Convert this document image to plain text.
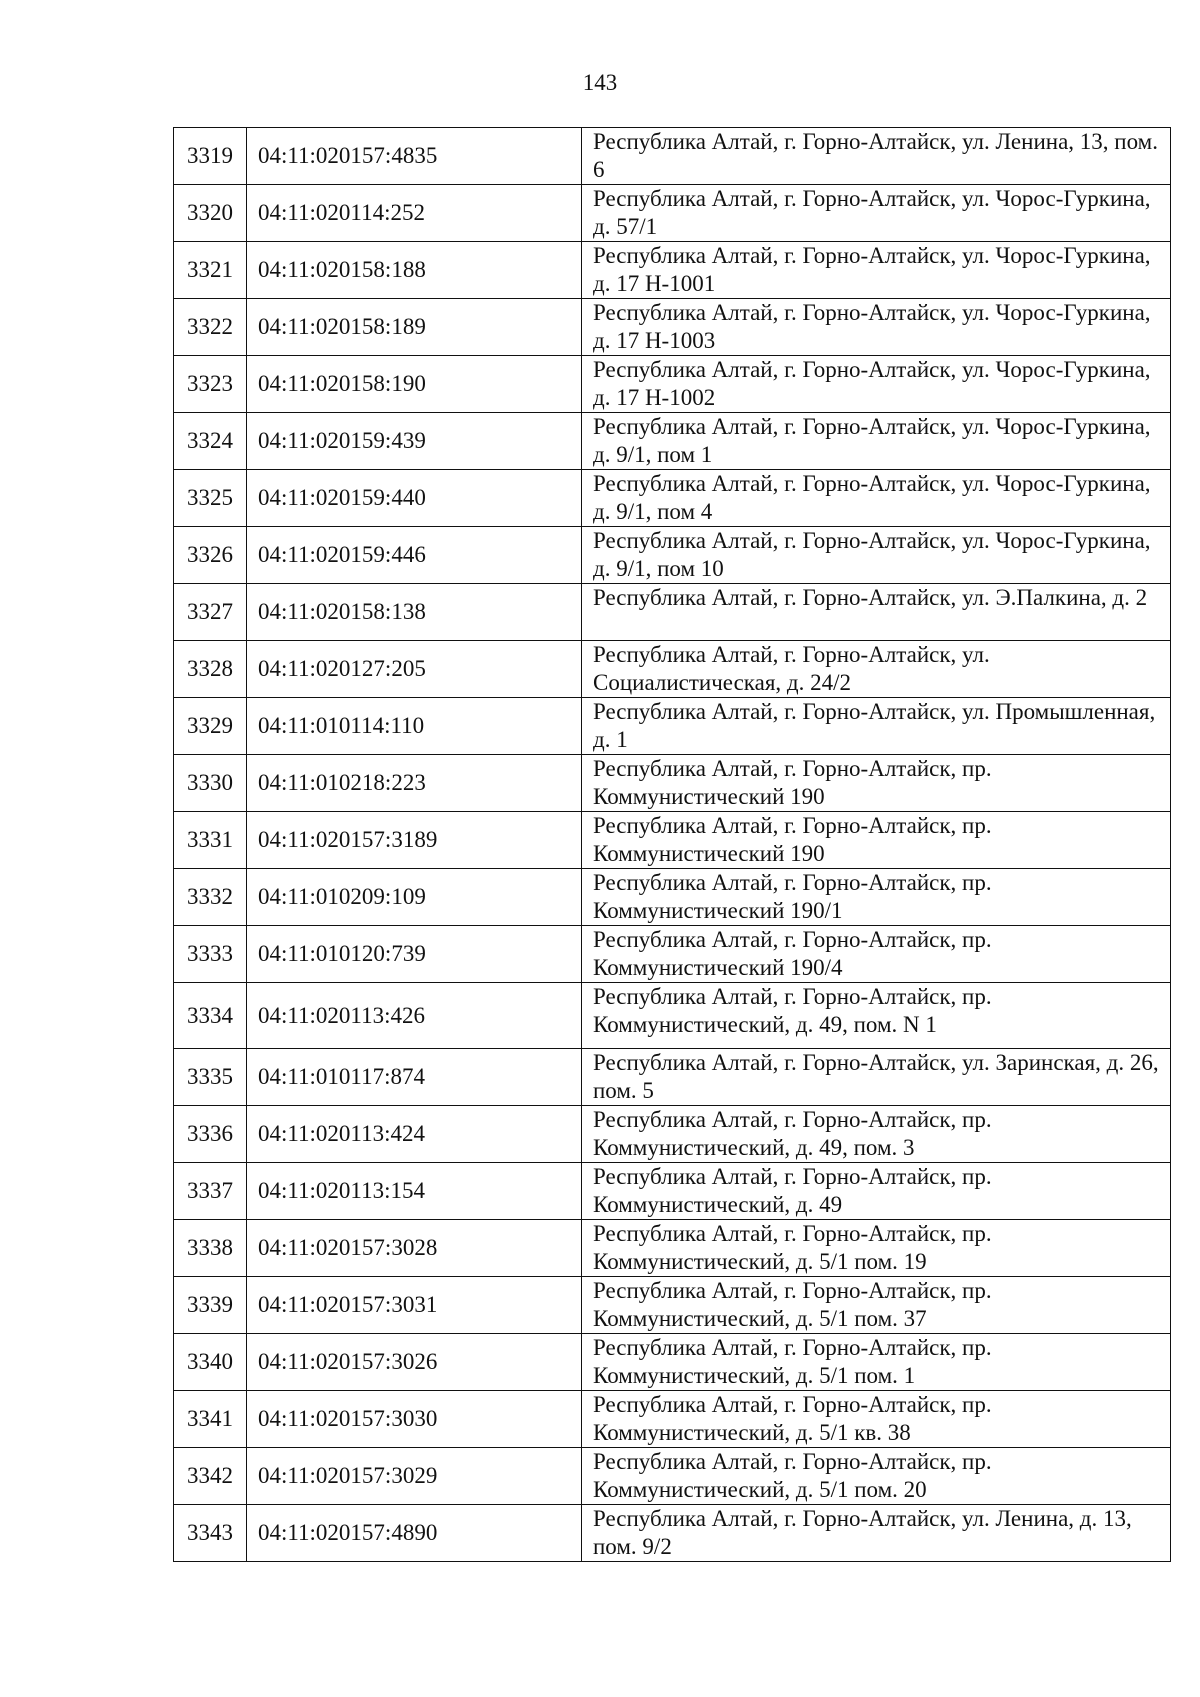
143
3319	04:11:020157:4835	Республика Алтай, г. Горно-Алтайск, ул. Ленина, 13, пом. 6
3320	04:11:020114:252	Республика Алтай, г. Горно-Алтайск, ул. Чорос-Гуркина, д. 57/1
3321	04:11:020158:188	Республика Алтай, г. Горно-Алтайск, ул. Чорос-Гуркина, д. 17 Н-1001
3322	04:11:020158:189	Республика Алтай, г. Горно-Алтайск, ул. Чорос-Гуркина, д. 17 Н-1003
3323	04:11:020158:190	Республика Алтай, г. Горно-Алтайск, ул. Чорос-Гуркина, д. 17 Н-1002
3324	04:11:020159:439	Республика Алтай, г. Горно-Алтайск, ул. Чорос-Гуркина, д. 9/1, пом 1
3325	04:11:020159:440	Республика Алтай, г. Горно-Алтайск, ул. Чорос-Гуркина, д. 9/1, пом 4
3326	04:11:020159:446	Республика Алтай, г. Горно-Алтайск, ул. Чорос-Гуркина, д. 9/1, пом 10
3327	04:11:020158:138	Республика Алтай, г. Горно-Алтайск, ул. Э.Палкина, д. 2
3328	04:11:020127:205	Республика Алтай, г. Горно-Алтайск, ул. Социалистическая, д. 24/2
3329	04:11:010114:110	Республика Алтай, г. Горно-Алтайск, ул. Промышленная, д. 1
3330	04:11:010218:223	Республика Алтай, г. Горно-Алтайск, пр. Коммунистический 190
3331	04:11:020157:3189	Республика Алтай, г. Горно-Алтайск, пр. Коммунистический 190
3332	04:11:010209:109	Республика Алтай, г. Горно-Алтайск, пр. Коммунистический 190/1
3333	04:11:010120:739	Республика Алтай, г. Горно-Алтайск, пр. Коммунистический 190/4
3334	04:11:020113:426	Республика Алтай, г. Горно-Алтайск, пр. Коммунистический, д. 49, пом. N 1
3335	04:11:010117:874	Республика Алтай, г. Горно-Алтайск, ул. Заринская, д. 26, пом. 5
3336	04:11:020113:424	Республика Алтай, г. Горно-Алтайск, пр. Коммунистический, д. 49, пом. 3
3337	04:11:020113:154	Республика Алтай, г. Горно-Алтайск, пр. Коммунистический, д. 49
3338	04:11:020157:3028	Республика Алтай, г. Горно-Алтайск, пр. Коммунистический, д. 5/1 пом. 19
3339	04:11:020157:3031	Республика Алтай, г. Горно-Алтайск, пр. Коммунистический, д. 5/1 пом. 37
3340	04:11:020157:3026	Республика Алтай, г. Горно-Алтайск, пр. Коммунистический, д. 5/1 пом. 1
3341	04:11:020157:3030	Республика Алтай, г. Горно-Алтайск, пр. Коммунистический, д. 5/1 кв. 38
3342	04:11:020157:3029	Республика Алтай, г. Горно-Алтайск, пр. Коммунистический, д. 5/1 пом. 20
3343	04:11:020157:4890	Республика Алтай, г. Горно-Алтайск, ул. Ленина, д. 13, пом. 9/2
